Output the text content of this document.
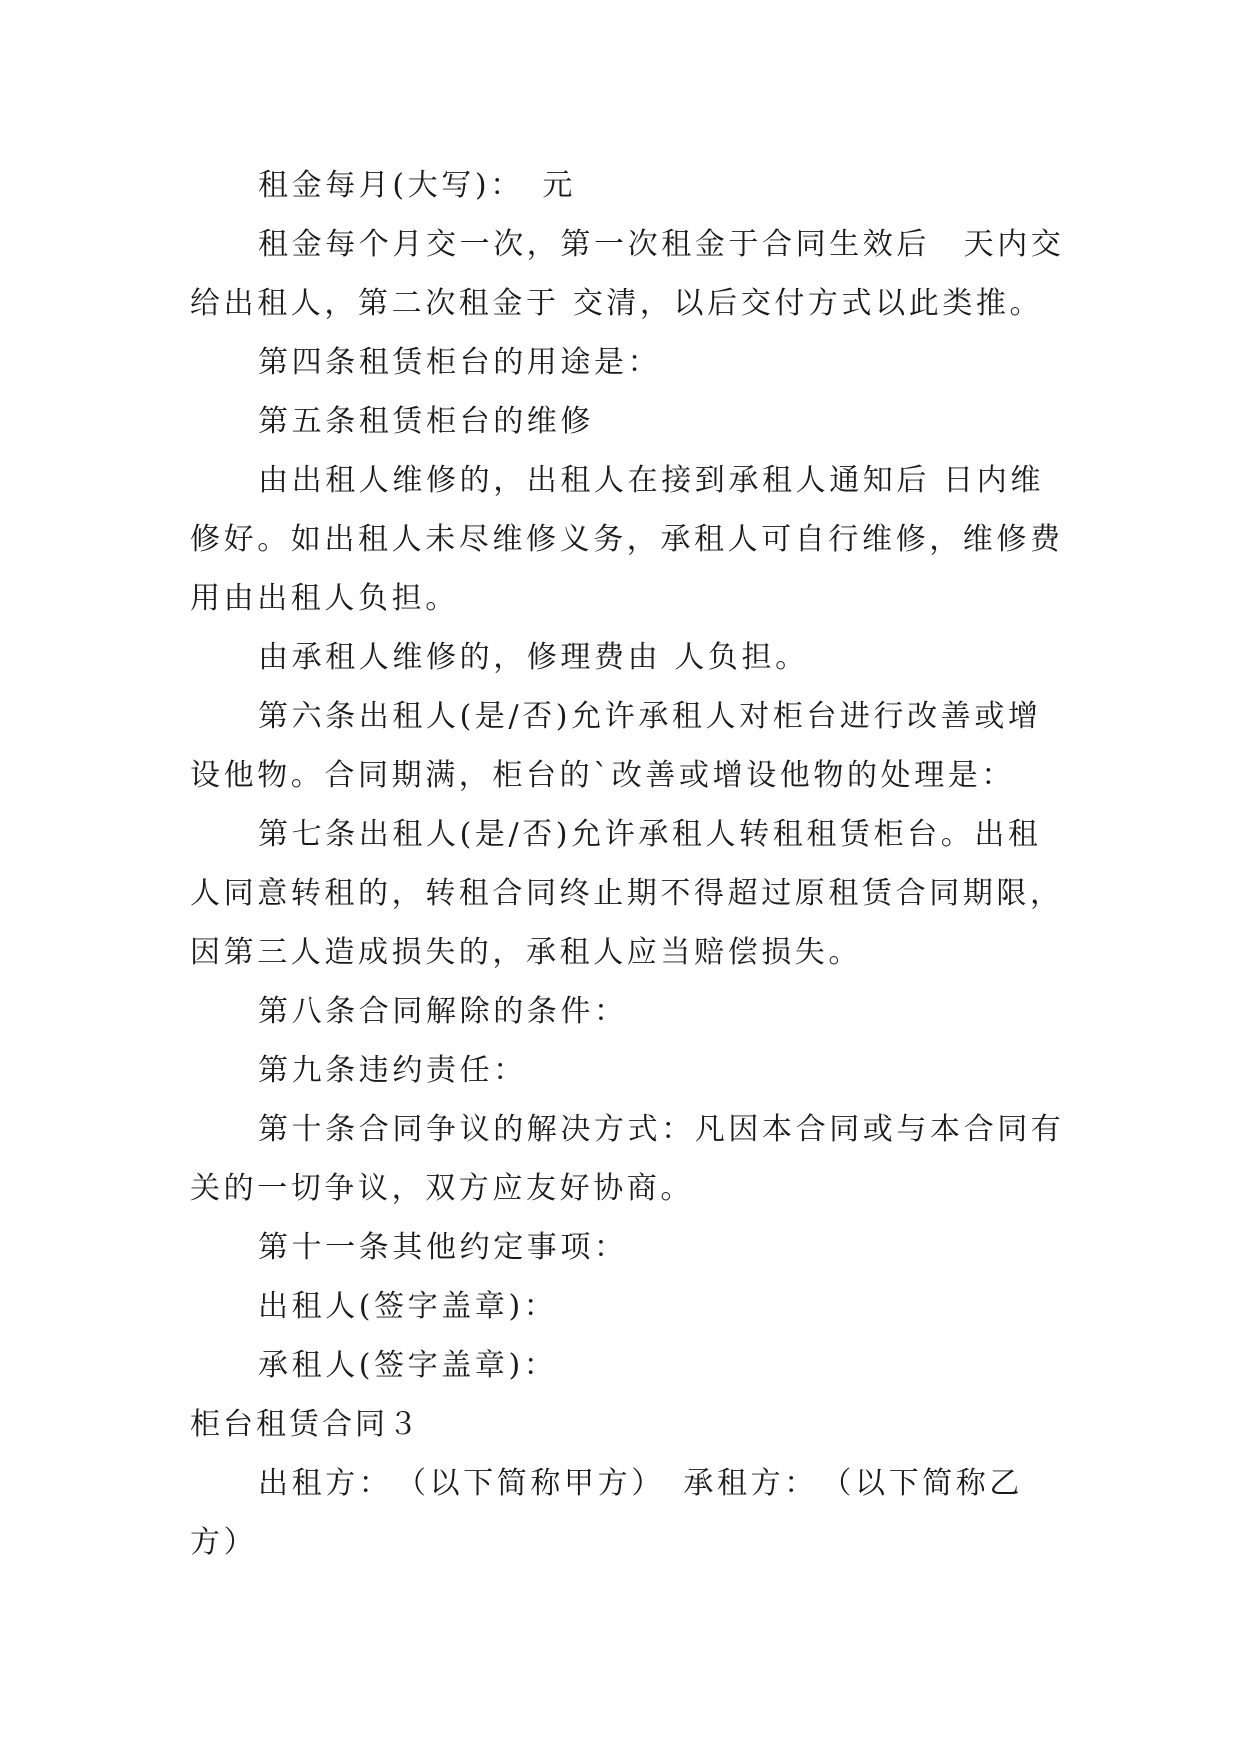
租金每月(大写)：　元
租金每个月交一次，第一次租金于合同生效后　天内交
给出租人，第二次租金于 交清，以后交付方式以此类推。
第四条租赁柜台的用途是：
第五条租赁柜台的维修
由出租人维修的，出租人在接到承租人通知后 日内维
修好。如出租人未尽维修义务，承租人可自行维修，维修费
用由出租人负担。
由承租人维修的，修理费由 人负担。
第六条出租人(是/否)允许承租人对柜台进行改善或增
设他物。合同期满，柜台的`改善或增设他物的处理是：
第七条出租人(是/否)允许承租人转租租赁柜台。出租
人同意转租的，转租合同终止期不得超过原租赁合同期限，
因第三人造成损失的，承租人应当赔偿损失。
第八条合同解除的条件：
第九条违约责任：
第十条合同争议的解决方式：凡因本合同或与本合同有
关的一切争议，双方应友好协商。
第十一条其他约定事项：
出租人(签字盖章)：
承租人(签字盖章)：
柜台租赁合同３
出租方：　（以下简称甲方）　承租方：　（以下简称乙
方）
